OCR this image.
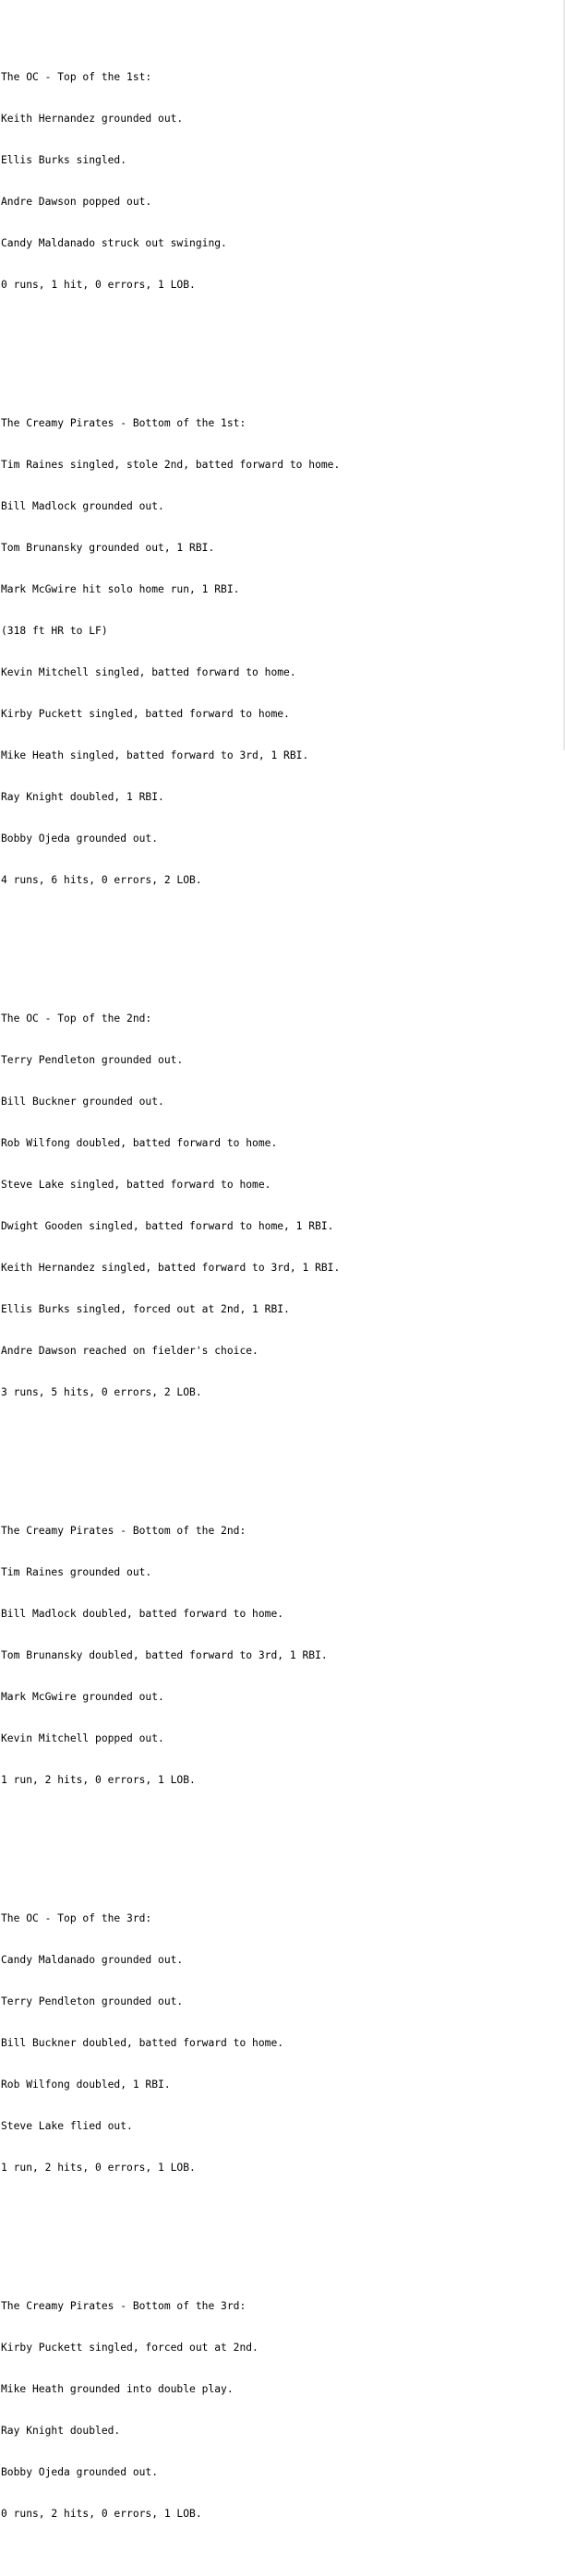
The OC - Top of the 1st:

Keith Hernandez grounded out.

Ellis Burks singled.

Andre Dawson popped out.

Candy Maldanado struck out swinging.

0 runs, 1 hit, 0 errors, 1 LOB.

The Creamy Pirates - Bottom of the 1st:

Tim Raines singled, stole 2nd, batted forward to home.

Bill Madlock grounded out.

Tom Brunansky grounded out, 1 RBI.

Mark McGwire hit solo home run, 1 RBI.

(318 ft HR to LF)

Kevin Mitchell singled, batted forward to home.

Kirby Puckett singled, batted forward to home.

Mike Heath singled, batted forward to 3rd, 1 RBI.

Ray Knight doubled, 1 RBI.

Bobby Ojeda grounded out.

4 runs, 6 hits, 0 errors, 2 LOB.

The OC - Top of the 2nd:

Terry Pendleton grounded out.

Bill Buckner grounded out.

Rob Wilfong doubled, batted forward to home.

Steve Lake singled, batted forward to home.

Dwight Gooden singled, batted forward to home, 1 RBI.

Keith Hernandez singled, batted forward to 3rd, 1 RBI.

Ellis Burks singled, forced out at 2nd, 1 RBI.

Andre Dawson reached on fielder's choice.

3 runs, 5 hits, 0 errors, 2 LOB.

The Creamy Pirates - Bottom of the 2nd:

Tim Raines grounded out.

Bill Madlock doubled, batted forward to home.

Tom Brunansky doubled, batted forward to 3rd, 1 RBI.

Mark McGwire grounded out.

Kevin Mitchell popped out.

1 run, 2 hits, 0 errors, 1 LOB.

The OC - Top of the 3rd:

Candy Maldanado grounded out.

Terry Pendleton grounded out.

Bill Buckner doubled, batted forward to home.

Rob Wilfong doubled, 1 RBI.

Steve Lake flied out.

1 run, 2 hits, 0 errors, 1 LOB.

The Creamy Pirates - Bottom of the 3rd:

Kirby Puckett singled, forced out at 2nd.

Mike Heath grounded into double play.

Ray Knight doubled.

Bobby Ojeda grounded out.

0 runs, 2 hits, 0 errors, 1 LOB.
